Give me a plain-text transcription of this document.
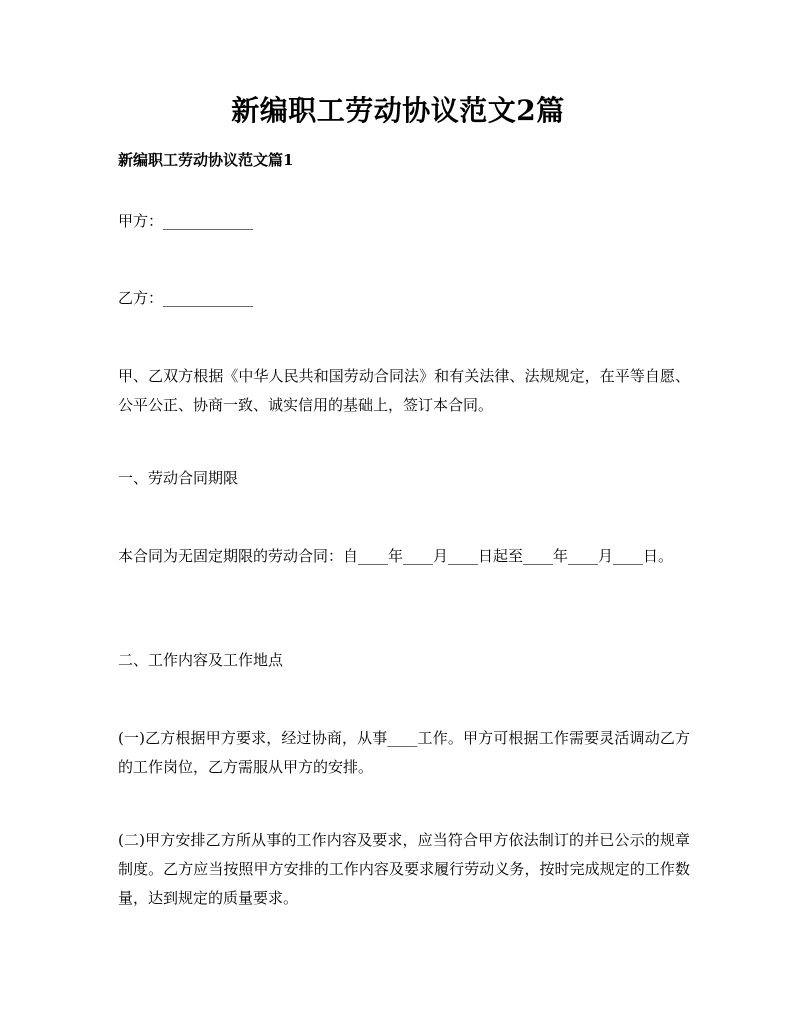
新编职工劳动协议范文2篇

新编职工劳动协议范文篇1

甲方：____________

乙方：____________

甲、乙双方根据《中华人民共和国劳动合同法》和有关法律、法规规定，在平等自愿、公平公正、协商一致、诚实信用的基础上，签订本合同。

一、劳动合同期限

本合同为无固定期限的劳动合同：自____年____月____日起至____年____月____日。

二、工作内容及工作地点

(一)乙方根据甲方要求，经过协商，从事____工作。甲方可根据工作需要灵活调动乙方的工作岗位，乙方需服从甲方的安排。

(二)甲方安排乙方所从事的工作内容及要求，应当符合甲方依法制订的并已公示的规章制度。乙方应当按照甲方安排的工作内容及要求履行劳动义务，按时完成规定的工作数量，达到规定的质量要求。
